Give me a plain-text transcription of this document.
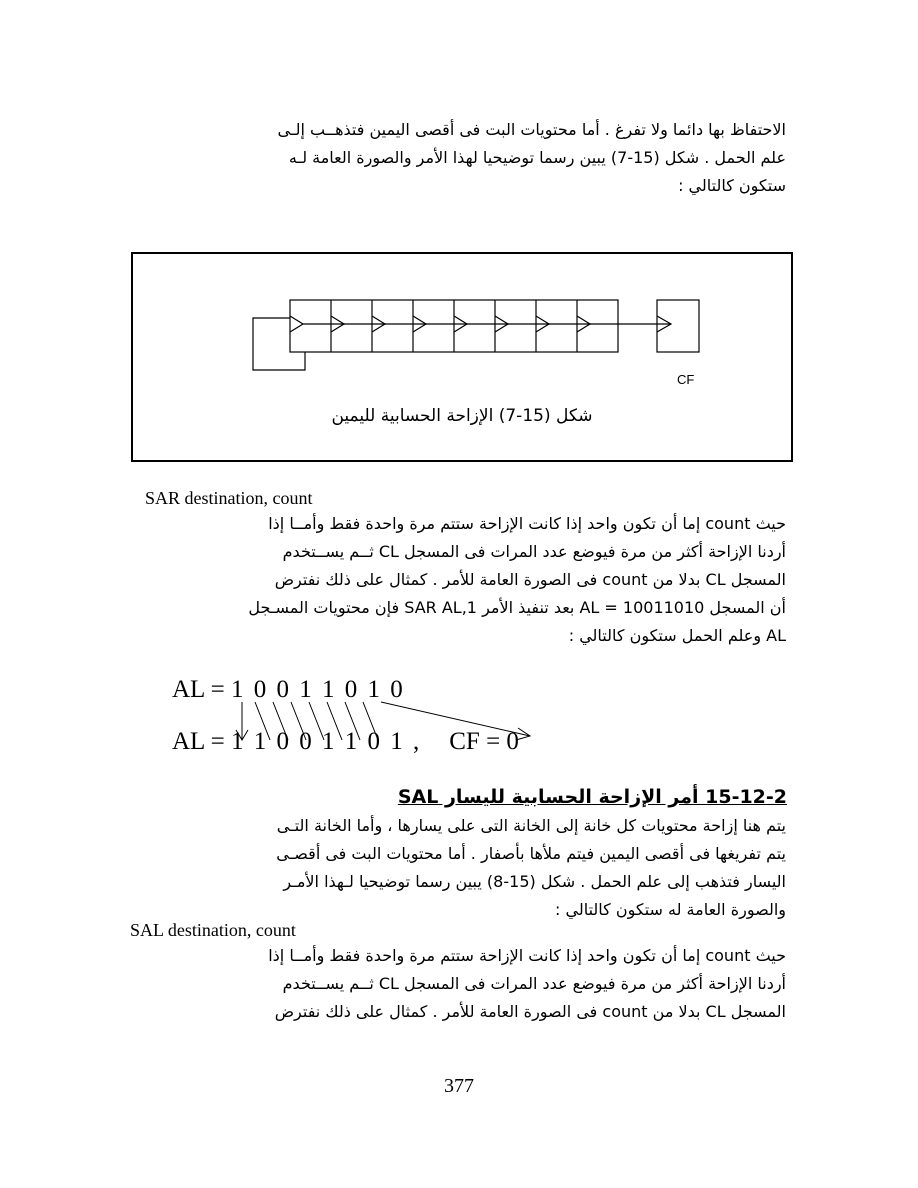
الاحتفاظ بها دائما ولا تفرغ . أما محتويات البت فى أقصى اليمين فتذهــب إلـى
علم الحمل . شكل (15-7) يبين رسما توضيحيا لهذا الأمر والصورة العامة لـه
ستكون كالتالي :
CF
شكل (15-7) الإزاحة الحسابية لليمين
SAR destination, count
حيث count إما أن تكون واحد إذا كانت الإزاحة ستتم مرة واحدة فقط وأمــا إذا
أردنا الإزاحة أكثر من مرة فيوضع عدد المرات فى المسجل CL ثــم يســتخدم
المسجل CL بدلا من count فى الصورة العامة للأمر . كمثال على ذلك نفترض
أن المسجل AL = 10011010 بعد تنفيذ الأمر SAR AL,1 فإن محتويات المسـجل
AL وعلم الحمل ستكون كالتالي :
AL = 1 0 0 1 1 0 1 0
AL = 1 1 0 0 1 1 0 1 , CF = 0
15-12-2 أمر الإزاحة الحسابية لليسار SAL
يتم هنا إزاحة محتويات كل خانة إلى الخانة التى على يسارها ، وأما الخانة التـى
يتم تفريغها فى أقصى اليمين فيتم ملأها بأصفار . أما محتويات البت فى أقصـى
اليسار فتذهب إلى علم الحمل . شكل (15-8) يبين رسما توضيحيا لـهذا الأمـر
والصورة العامة له ستكون كالتالي :
SAL destination, count
حيث count إما أن تكون واحد إذا كانت الإزاحة ستتم مرة واحدة فقط وأمــا إذا
أردنا الإزاحة أكثر من مرة فيوضع عدد المرات فى المسجل CL ثــم يســتخدم
المسجل CL بدلا من count فى الصورة العامة للأمر . كمثال على ذلك نفترض
377
